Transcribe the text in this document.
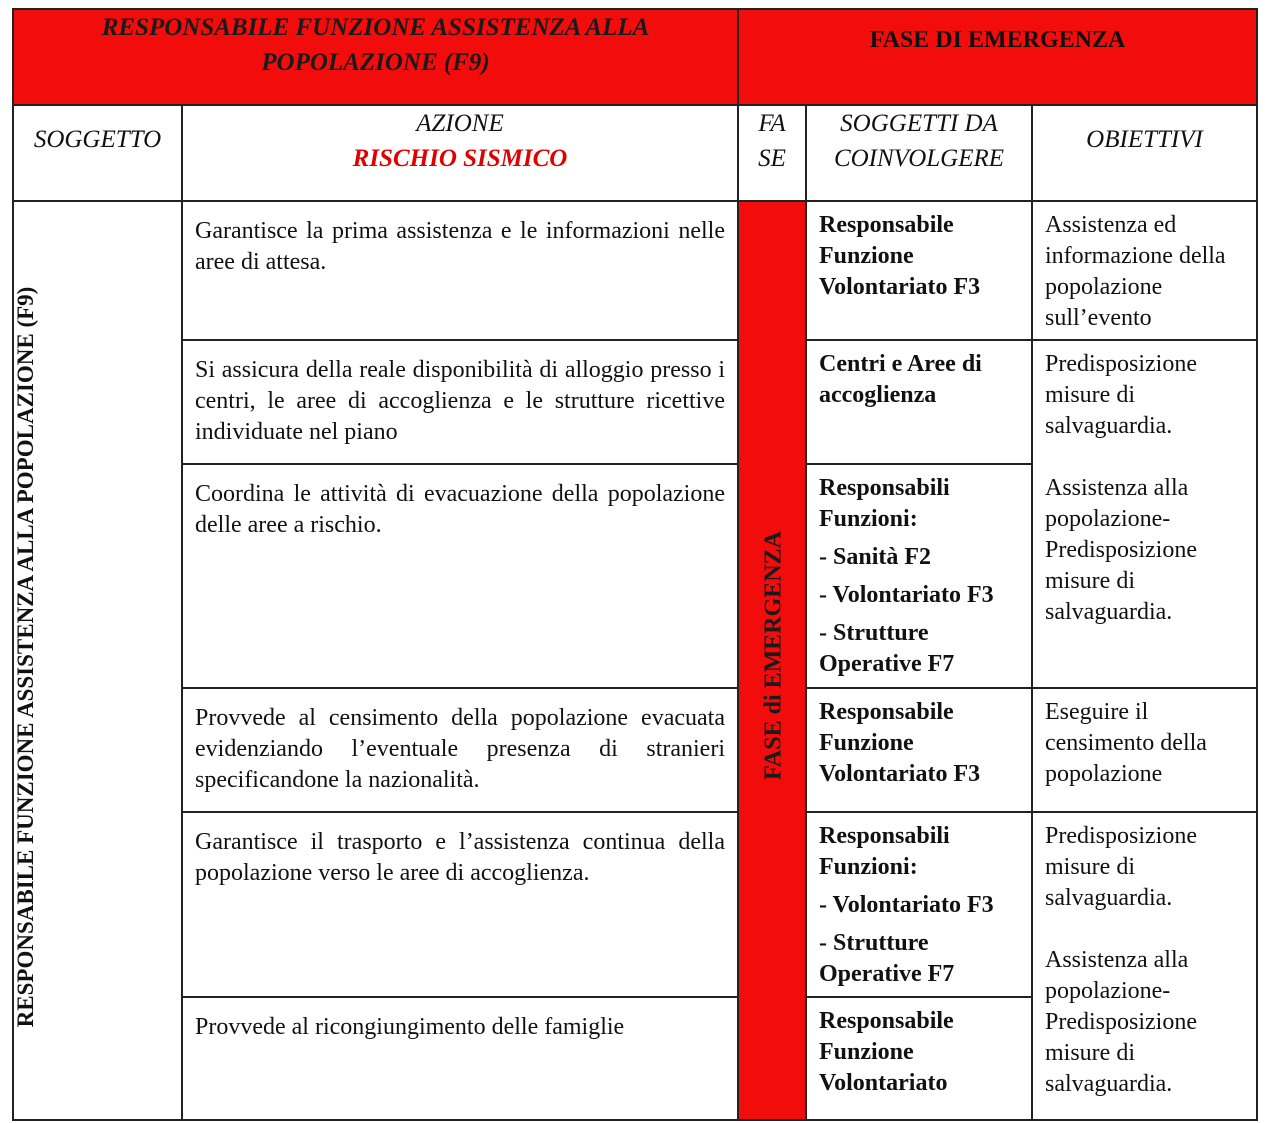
RESPONSABILE FUNZIONE ASSISTENZA ALLA
POPOLAZIONE (F9)
FASE DI EMERGENZA
SOGGETTO
AZIONE
RISCHIO SISMICO
FA
SE
SOGGETTI DA
COINVOLGERE
OBIETTIVI
RESPONSABILE FUNZIONE ASSISTENZA ALLA POPOLAZIONE (F9)	FASE di EMERGENZA
Garantisce la prima assistenza e le informazioni nelle aree di attesa.
Si assicura della reale disponibilità di alloggio presso i centri, le aree di accoglienza e le strutture ricettive individuate nel piano
Coordina le attività di evacuazione della popolazione delle aree a rischio.
Provvede al censimento della popolazione evacuata evidenziando l’eventuale presenza di stranieri specificandone la nazionalità.
Garantisce il trasporto e l’assistenza continua della popolazione verso le aree di accoglienza.
Provvede al ricongiungimento delle famiglie
Responsabile Funzione Volontariato F3
Centri e Aree di accoglienza
Responsabili Funzioni:
- Sanità F2
- Volontariato F3
- Strutture Operative F7
Responsabile Funzione Volontariato F3
Responsabili Funzioni:
- Volontariato F3
- Strutture Operative F7
Responsabile Funzione Volontariato
Assistenza ed informazione della popolazione sull’evento
Predisposizione misure di salvaguardia.
Assistenza alla popolazione- Predisposizione misure di salvaguardia.
Eseguire il censimento della popolazione
Predisposizione misure di salvaguardia.
Assistenza alla popolazione- Predisposizione misure di salvaguardia.
